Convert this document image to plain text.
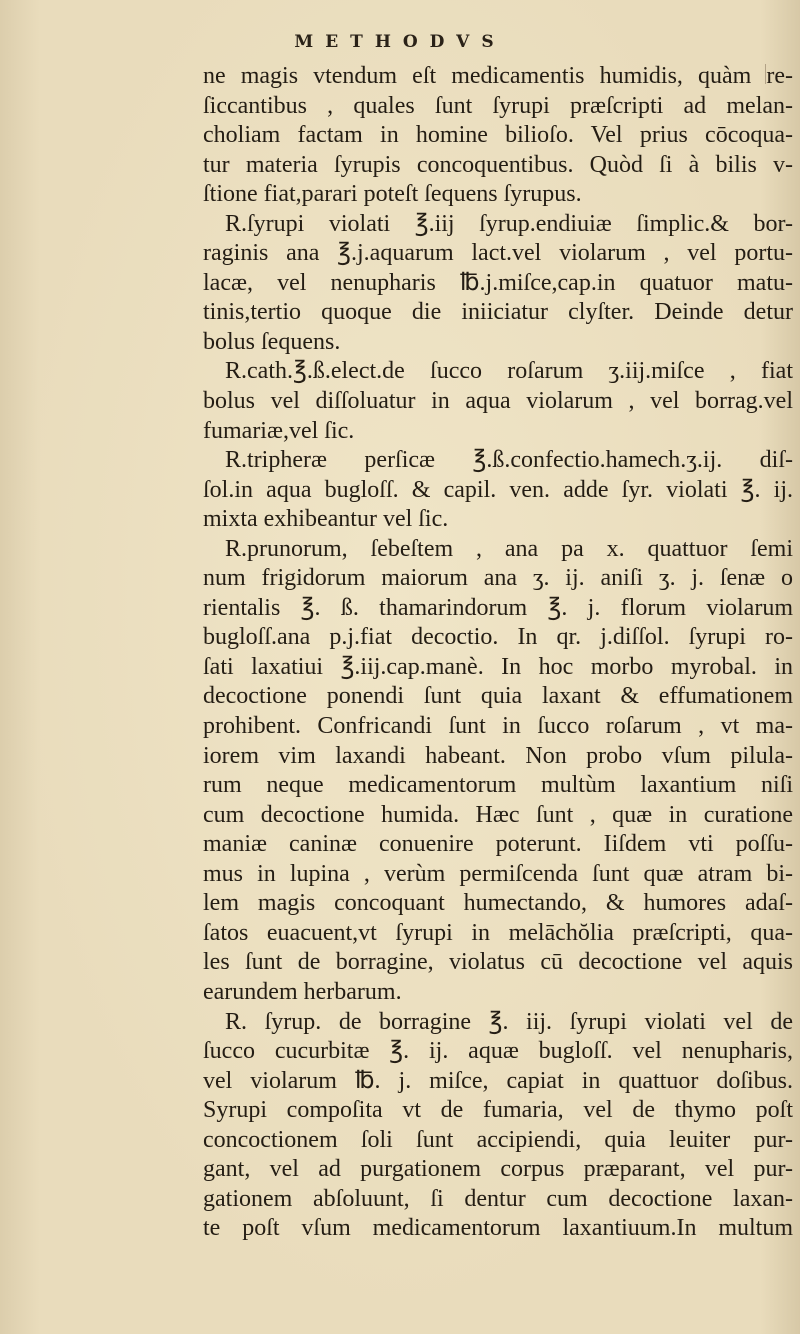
METHODVS
ne magis vtendum eſt medicamentis humidis, quàm re-
ſiccantibus , quales ſunt ſyrupi præſcripti ad melan-
choliam factam in homine bilioſo. Vel prius cōcoqua-
tur materia ſyrupis concoquentibus. Quòd ſi à bilis v-
ſtione fiat,parari poteſt ſequens ſyrupus.
R.ſyrupi violati ℥.iij ſyrup.endiuiæ ſimplic.& bor-
raginis ana ℥.j.aquarum lact.vel violarum , vel portu-
lacæ, vel nenupharis ℔.j.miſce,cap.in quatuor matu-
tinis,tertio quoque die iniiciatur clyſter. Deinde detur
bolus ſequens.
R.cath.℥.ß.elect.de ſucco roſarum ʒ.iij.miſce , fiat
bolus vel diſſoluatur in aqua violarum , vel borrag.vel
fumariæ,vel ſic.
R.tripheræ perſicæ ℥.ß.confectio.hamech.ʒ.ij. diſ-
ſol.in aqua bugloſſ. & capil. ven. adde ſyr. violati ℥. ij.
mixta exhibeantur vel ſic.
R.prunorum, ſebeſtem , ana pa x. quattuor ſemi
num frigidorum maiorum ana ʒ. ij. aniſi ʒ. j. ſenæ o
rientalis ℥. ß. thamarindorum ℥. j. florum violarum
bugloſſ.ana p.j.fiat decoctio. In qr. j.diſſol. ſyrupi ro-
ſati laxatiui ℥.iij.cap.manè. In hoc morbo myrobal. in
decoctione ponendi ſunt quia laxant & effumationem
prohibent. Confricandi ſunt in ſucco roſarum , vt ma-
iorem vim laxandi habeant. Non probo vſum pilula-
rum neque medicamentorum multùm laxantium niſi
cum decoctione humida. Hæc ſunt , quæ in curatione
maniæ caninæ conuenire poterunt. Iiſdem vti poſſu-
mus in lupina , verùm permiſcenda ſunt quæ atram bi-
lem magis concoquant humectando, & humores adaſ-
ſatos euacuent,vt ſyrupi in melāchŏlia præſcripti, qua-
les ſunt de borragine, violatus cū decoctione vel aquis
earundem herbarum.
R. ſyrup. de borragine ℥. iij. ſyrupi violati vel de
ſucco cucurbitæ ℥. ij. aquæ bugloſſ. vel nenupharis,
vel violarum ℔. j. miſce, capiat in quattuor doſibus.
Syrupi compoſita vt de fumaria, vel de thymo poſt
concoctionem ſoli ſunt accipiendi, quia leuiter pur-
gant, vel ad purgationem corpus præparant, vel pur-
gationem abſoluunt, ſi dentur cum decoctione laxan-
te poſt vſum medicamentorum laxantiuum.In multum
